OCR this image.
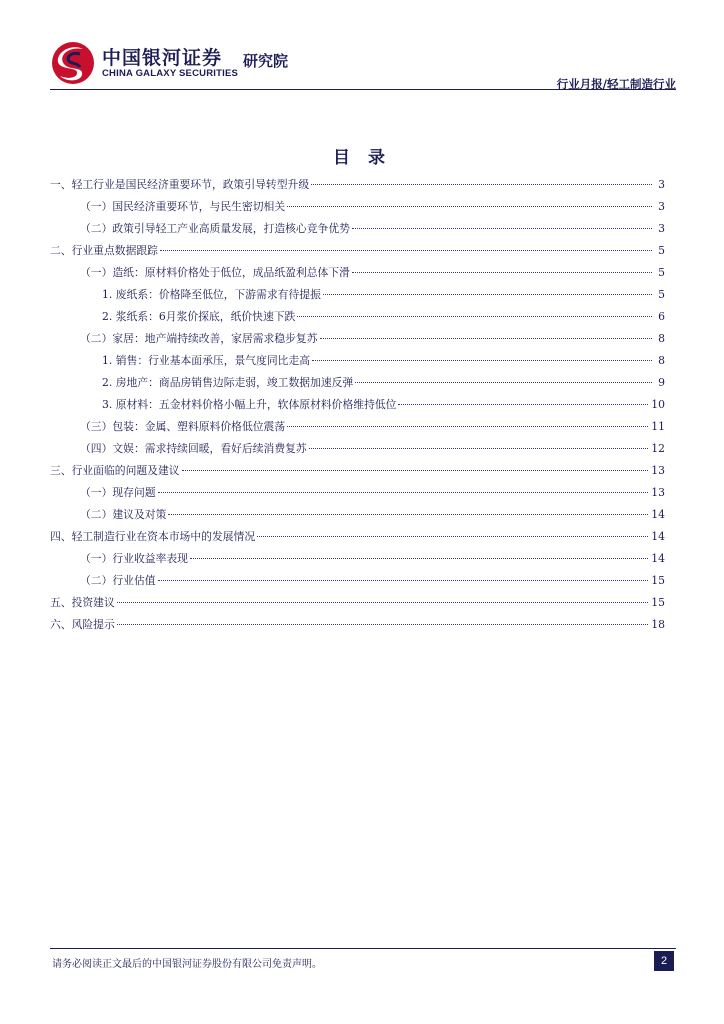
中国银河证券 研究院
CHINA GALAXY SECURITIES
行业月报/轻工制造行业
目 录
一、轻工行业是国民经济重要环节，政策引导转型升级	3
（一）国民经济重要环节，与民生密切相关	3
（二）政策引导轻工产业高质量发展，打造核心竞争优势	3
二、行业重点数据跟踪	5
（一）造纸：原材料价格处于低位，成品纸盈利总体下滑	5
1. 废纸系：价格降至低位，下游需求有待提振	5
2. 浆纸系：6月浆价探底，纸价快速下跌	6
（二）家居：地产端持续改善，家居需求稳步复苏	8
1. 销售：行业基本面承压，景气度同比走高	8
2. 房地产：商品房销售边际走弱，竣工数据加速反弹	9
3. 原材料：五金材料价格小幅上升，软体原材料价格维持低位	10
（三）包装：金属、塑料原料价格低位震荡	11
（四）文娱：需求持续回暖，看好后续消费复苏	12
三、行业面临的问题及建议	13
（一）现存问题	13
（二）建议及对策	14
四、轻工制造行业在资本市场中的发展情况	14
（一）行业收益率表现	14
（二）行业估值	15
五、投资建议	15
六、风险提示	18
请务必阅读正文最后的中国银河证券股份有限公司免责声明。	2
